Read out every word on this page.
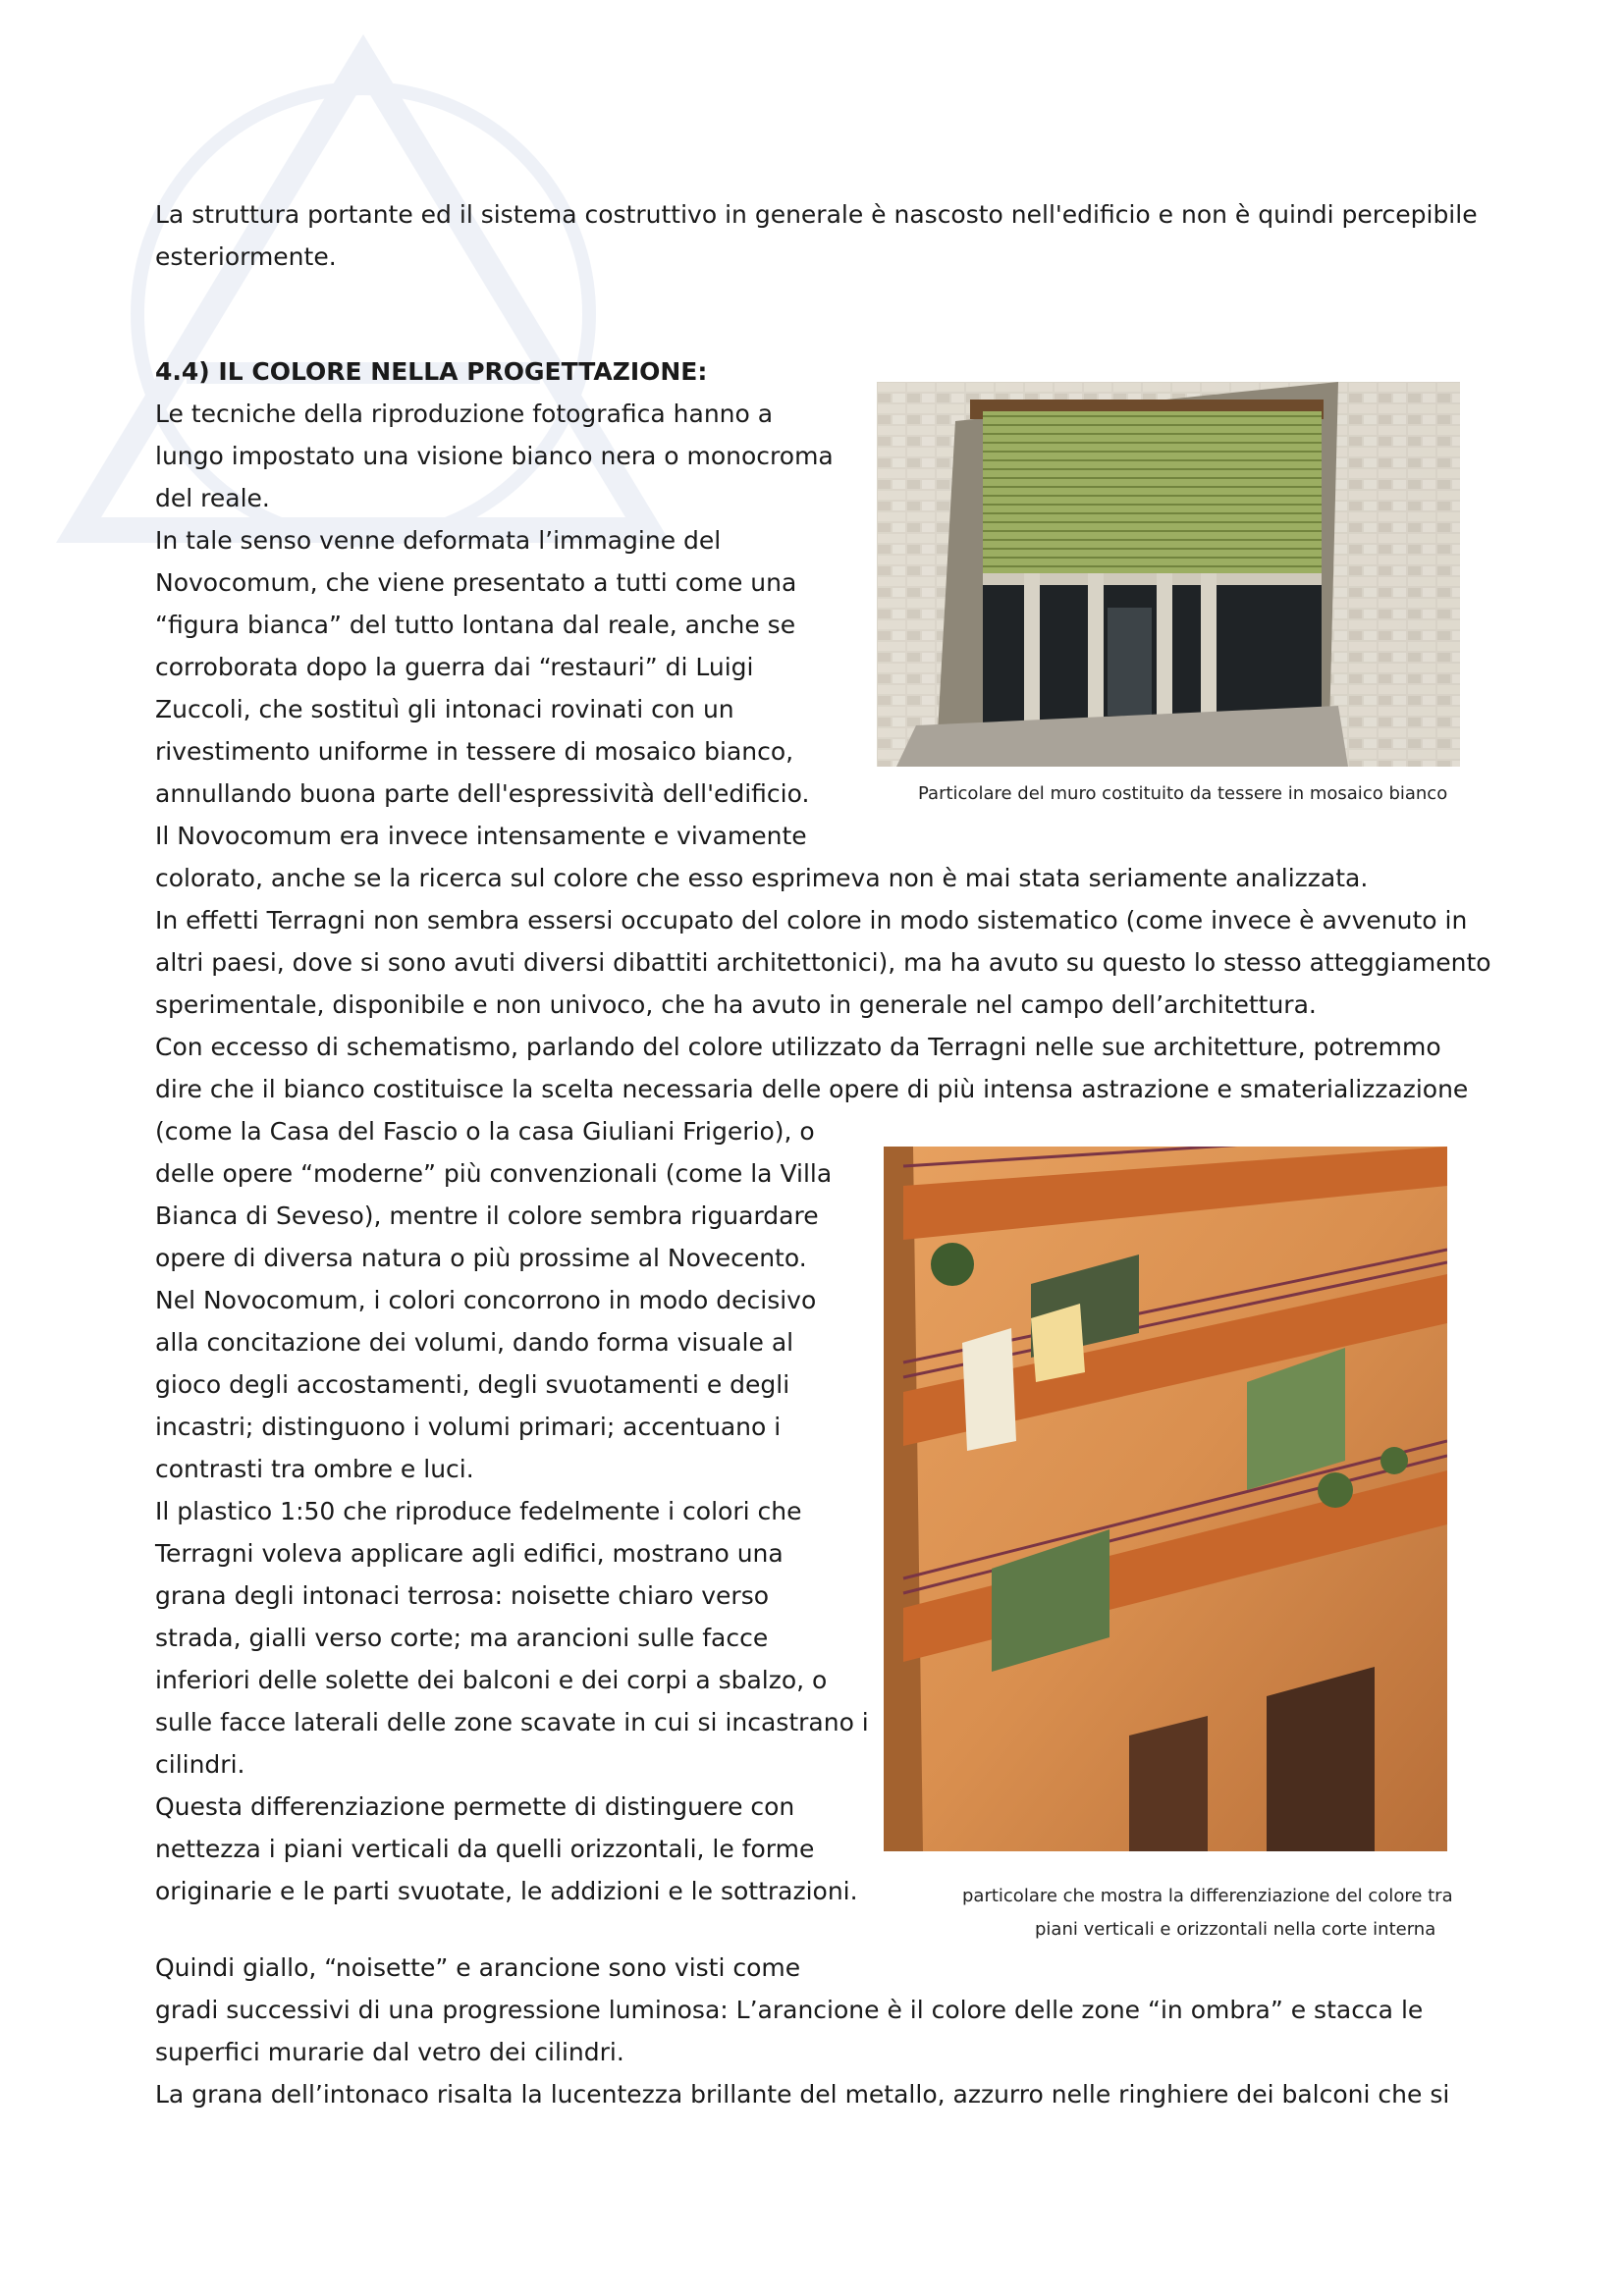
La struttura portante ed il sistema costruttivo in generale è nascosto nell'edificio e non è quindi percepibile

esteriormente.

4.4) IL COLORE NELLA PROGETTAZIONE:

Le tecniche della riproduzione fotografica hanno a

lungo impostato una visione bianco nera o monocroma

del reale.

In tale senso venne deformata l’immagine del

Novocomum, che viene presentato a tutti come una

“figura bianca” del tutto lontana dal reale, anche se

corroborata dopo la guerra dai “restauri” di Luigi

Zuccoli, che sostituì gli intonaci rovinati con un

rivestimento uniforme in tessere di mosaico bianco,

annullando buona parte dell'espressività dell'edificio.

Il Novocomum era invece intensamente e vivamente

colorato, anche se la ricerca sul colore che esso esprimeva non è mai stata seriamente analizzata.

In effetti Terragni non sembra essersi occupato del colore in modo sistematico (come invece è avvenuto in

altri paesi, dove si sono avuti diversi dibattiti architettonici), ma ha avuto su questo lo stesso atteggiamento

sperimentale, disponibile e non univoco, che ha avuto in generale nel campo dell’architettura.

Con eccesso di schematismo, parlando del colore utilizzato da Terragni nelle sue architetture, potremmo

dire che il bianco costituisce la scelta necessaria delle opere di più intensa astrazione e smaterializzazione

(come la Casa del Fascio o la casa Giuliani Frigerio), o

delle opere “moderne” più convenzionali (come la Villa

Bianca di Seveso), mentre il colore sembra riguardare

opere di diversa natura o più prossime al Novecento.

Nel Novocomum, i colori concorrono in modo decisivo

alla concitazione dei volumi, dando forma visuale al

gioco degli accostamenti, degli svuotamenti e degli

incastri; distinguono i volumi primari; accentuano i

contrasti tra ombre e luci.

Il plastico 1:50 che riproduce fedelmente i colori che

Terragni voleva applicare agli edifici, mostrano una

grana degli intonaci terrosa: noisette chiaro verso

strada, gialli verso corte; ma arancioni sulle facce

inferiori delle solette dei balconi e dei corpi a sbalzo, o

sulle facce laterali delle zone scavate in cui si incastrano i

cilindri.

Questa differenziazione permette di distinguere con

nettezza i piani verticali da quelli orizzontali, le forme

originarie e le parti svuotate, le addizioni e le sottrazioni.

Quindi giallo, “noisette” e arancione sono visti come

gradi successivi di una progressione luminosa: L’arancione è il colore delle zone “in ombra” e stacca le

superfici murarie dal vetro dei cilindri.

La grana dell’intonaco risalta la lucentezza brillante del metallo, azzurro nelle ringhiere dei balconi che si

Particolare del muro costituito da tessere in mosaico bianco

particolare che mostra la differenziazione del colore tra

piani verticali e orizzontali nella corte interna
